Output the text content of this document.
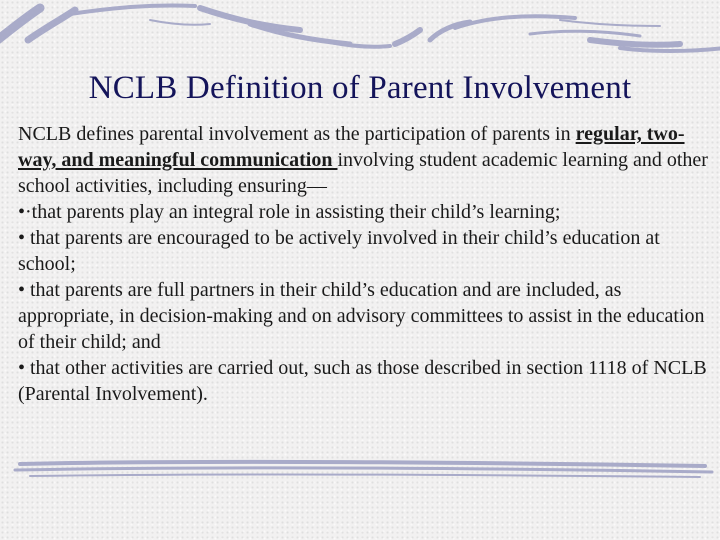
NCLB Definition of Parent Involvement

NCLB defines parental involvement as the participation of parents in regular, two-way, and meaningful communication involving student academic learning and other school activities, including ensuring—

•·that parents play an integral role in assisting their child’s learning;

• that parents are encouraged to be actively involved in their child’s education at school;

• that parents are full partners in their child’s education and are included, as appropriate, in decision-making and on advisory committees to assist in the education of their child; and

• that other activities are carried out, such as those described in section 1118 of NCLB (Parental Involvement).
